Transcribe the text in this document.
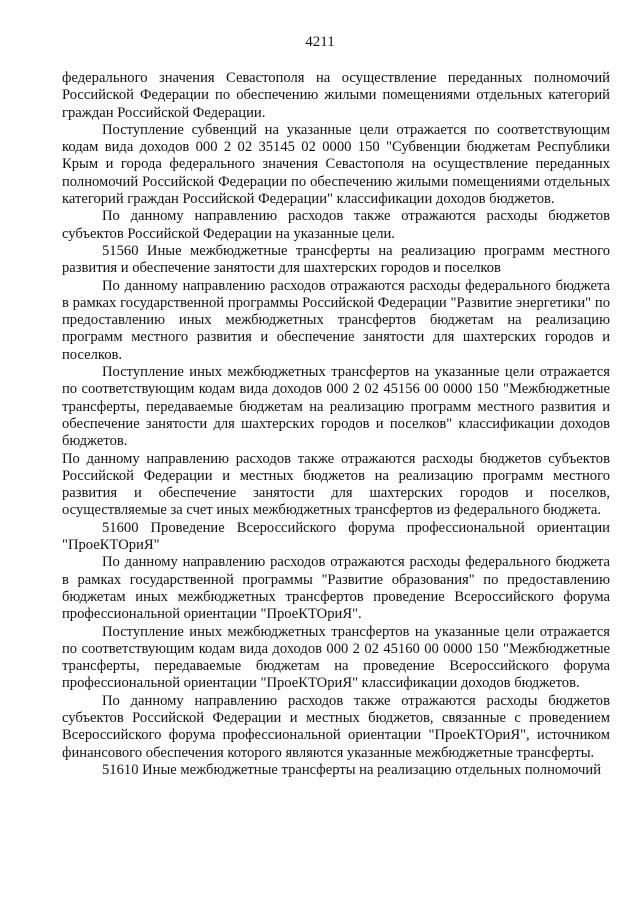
4211

федерального значения Севастополя на осуществление переданных полномочий Российской Федерации по обеспечению жилыми помещениями отдельных категорий граждан Российской Федерации.

Поступление субвенций на указанные цели отражается по соответствующим кодам вида доходов 000 2 02 35145 02 0000 150 "Субвенции бюджетам Республики Крым и города федерального значения Севастополя на осуществление переданных полномочий Российской Федерации по обеспечению жилыми помещениями отдельных категорий граждан Российской Федерации" классификации доходов бюджетов.

По данному направлению расходов также отражаются расходы бюджетов субъектов Российской Федерации на указанные цели.

51560 Иные межбюджетные трансферты на реализацию программ местного развития и обеспечение занятости для шахтерских городов и поселков

По данному направлению расходов отражаются расходы федерального бюджета в рамках государственной программы Российской Федерации "Развитие энергетики" по предоставлению иных межбюджетных трансфертов бюджетам на реализацию программ местного развития и обеспечение занятости для шахтерских городов и поселков.

Поступление иных межбюджетных трансфертов на указанные цели отражается по соответствующим кодам вида доходов 000 2 02 45156 00 0000 150 "Межбюджетные трансферты, передаваемые бюджетам на реализацию программ местного развития и обеспечение занятости для шахтерских городов и поселков" классификации доходов бюджетов.

По данному направлению расходов также отражаются расходы бюджетов субъектов Российской Федерации и местных бюджетов на реализацию программ местного развития и обеспечение занятости для шахтерских городов и поселков, осуществляемые за счет иных межбюджетных трансфертов из федерального бюджета.

51600 Проведение Всероссийского форума профессиональной ориентации "ПроеКТОриЯ"

По данному направлению расходов отражаются расходы федерального бюджета в рамках государственной программы "Развитие образования" по предоставлению бюджетам иных межбюджетных трансфертов проведение Всероссийского форума профессиональной ориентации "ПроеКТОриЯ".

Поступление иных межбюджетных трансфертов на указанные цели отражается по соответствующим кодам вида доходов 000 2 02 45160 00 0000 150 "Межбюджетные трансферты, передаваемые бюджетам на проведение Всероссийского форума профессиональной ориентации "ПроеКТОриЯ" классификации доходов бюджетов.

По данному направлению расходов также отражаются расходы бюджетов субъектов Российской Федерации и местных бюджетов, связанные с проведением Всероссийского форума профессиональной ориентации "ПроеКТОриЯ", источником финансового обеспечения которого являются указанные межбюджетные трансферты.

51610 Иные межбюджетные трансферты на реализацию отдельных полномочий
